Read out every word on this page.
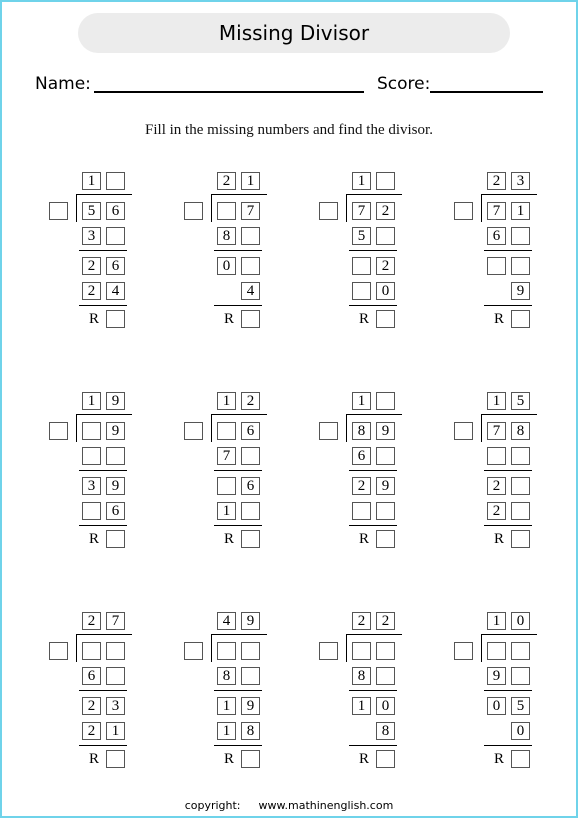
Missing Divisor
Name:	Score:
Fill in the missing numbers and find the divisor.
1
5	6
3
2	6
2	4
R
2	1
7
8
0
4
R
1
7	2
5
2
0
R
2	3
7	1
6
9
R
1	9
9
3	9
6
R
1	2
6
7
6
1
R
1
8	9
6
2	9
R
1	5
7	8
2
2
R
2	7
6
2	3
2	1
R
4	9
8
1	9
1	8
R
2	2
8
1	0
8
R
1	0
9
0	5
0
R
copyright: www.mathinenglish.com
